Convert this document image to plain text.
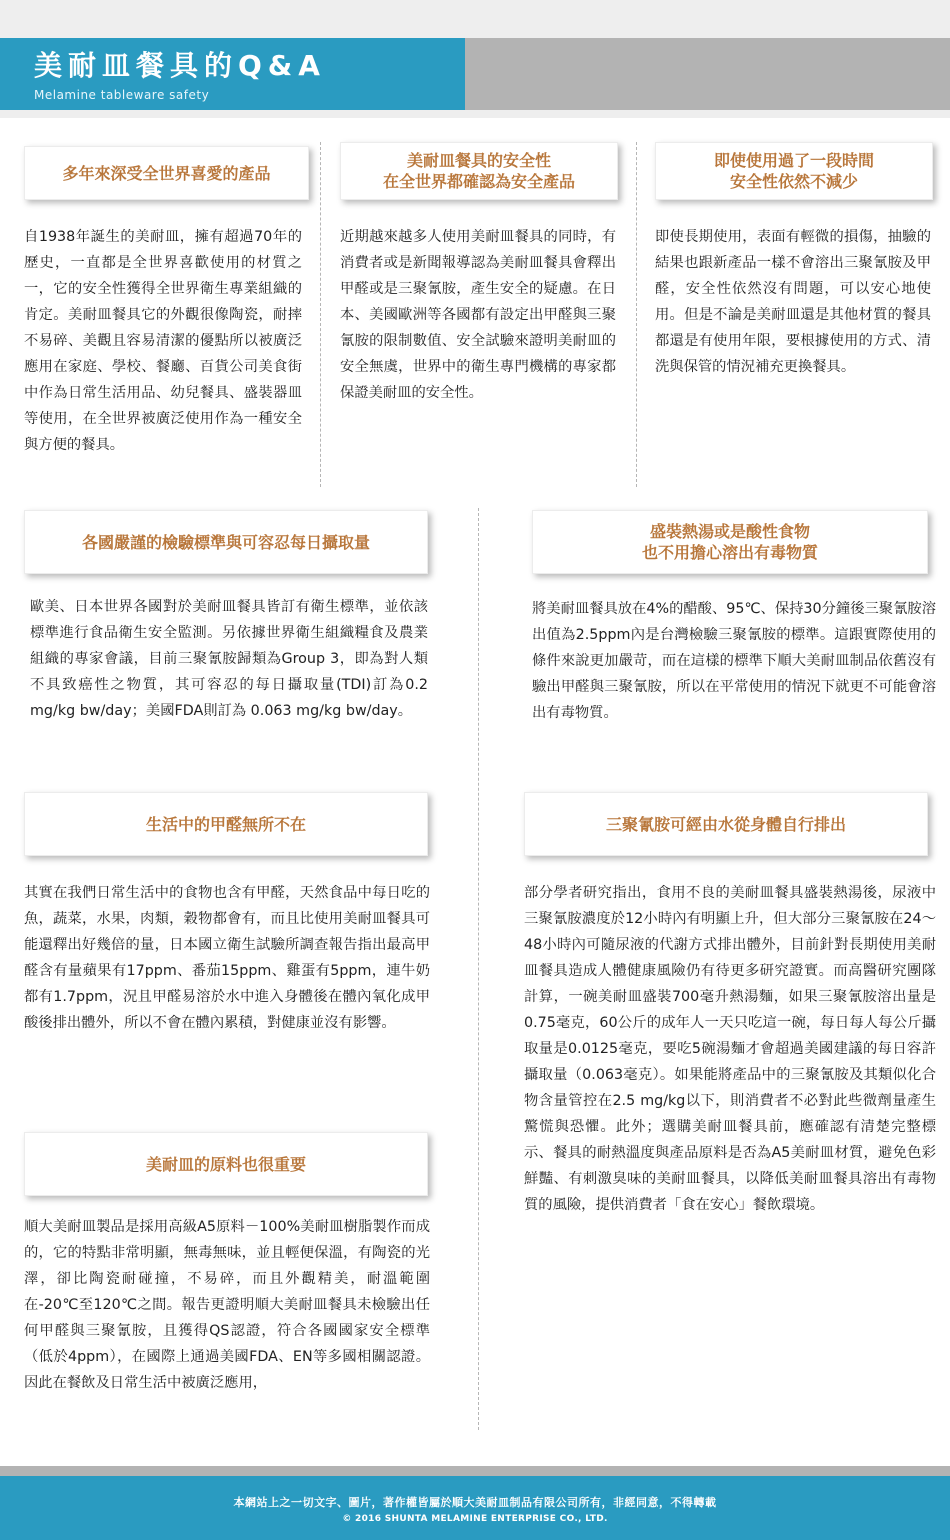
美耐皿餐具的Q&A
Melamine tableware safety
多年來深受全世界喜愛的產品
自1938年誕生的美耐皿，擁有超過70年的歷史，一直都是全世界喜歡使用的材質之一，它的安全性獲得全世界衛生專業組織的肯定。美耐皿餐具它的外觀很像陶瓷，耐摔不易碎、美觀且容易清潔的優點所以被廣泛應用在家庭、學校、餐廳、百貨公司美食街中作為日常生活用品、幼兒餐具、盛裝器皿等使用，在全世界被廣泛使用作為一種安全與方便的餐具。
美耐皿餐具的安全性
在全世界都確認為安全產品
近期越來越多人使用美耐皿餐具的同時，有消費者或是新聞報導認為美耐皿餐具會釋出甲醛或是三聚氰胺，產生安全的疑慮。在日本、美國歐洲等各國都有設定出甲醛與三聚氰胺的限制數值、安全試驗來證明美耐皿的安全無虞，世界中的衛生專門機構的專家都保證美耐皿的安全性。
即使使用過了一段時間
安全性依然不減少
即使長期使用，表面有輕微的損傷，抽驗的結果也跟新產品一樣不會溶出三聚氰胺及甲醛，安全性依然沒有問題，可以安心地使用。但是不論是美耐皿還是其他材質的餐具都還是有使用年限，要根據使用的方式、清洗與保管的情況補充更換餐具。
各國嚴謹的檢驗標準與可容忍每日攝取量
歐美、日本世界各國對於美耐皿餐具皆訂有衛生標準，並依該標準進行食品衛生安全監測。另依據世界衛生組織糧食及農業組織的專家會議，目前三聚氰胺歸類為Group 3，即為對人類不具致癌性之物質，其可容忍的每日攝取量(TDI)訂為0.2 mg/kg bw/day；美國FDA則訂為 0.063 mg/kg bw/day。
盛裝熱湯或是酸性食物
也不用擔心溶出有毒物質
將美耐皿餐具放在4%的醋酸、95℃、保持30分鐘後三聚氰胺溶出值為2.5ppm內是台灣檢驗三聚氰胺的標準。這跟實際使用的條件來說更加嚴苛，而在這樣的標準下順大美耐皿制品依舊沒有驗出甲醛與三聚氰胺，所以在平常使用的情況下就更不可能會溶出有毒物質。
生活中的甲醛無所不在
其實在我們日常生活中的食物也含有甲醛，天然食品中每日吃的魚，蔬菜，水果，肉類，穀物都會有，而且比使用美耐皿餐具可能還釋出好幾倍的量，日本國立衛生試驗所調查報告指出最高甲醛含有量蘋果有17ppm、番茄15ppm、雞蛋有5ppm，連牛奶都有1.7ppm，況且甲醛易溶於水中進入身體後在體內氧化成甲酸後排出體外，所以不會在體內累積，對健康並沒有影響。
三聚氰胺可經由水從身體自行排出
部分學者研究指出，食用不良的美耐皿餐具盛裝熱湯後，尿液中三聚氰胺濃度於12小時內有明顯上升，但大部分三聚氰胺在24～48小時內可隨尿液的代謝方式排出體外，目前針對長期使用美耐皿餐具造成人體健康風險仍有待更多研究證實。而高醫研究團隊計算，一碗美耐皿盛裝700毫升熱湯麵，如果三聚氰胺溶出量是0.75毫克，60公斤的成年人一天只吃這一碗，每日每人每公斤攝取量是0.0125毫克，要吃5碗湯麵才會超過美國建議的每日容許攝取量（0.063毫克）。如果能將產品中的三聚氰胺及其類似化合物含量管控在2.5 mg/kg以下，則消費者不必對此些微劑量產生驚慌與恐懼。此外；選購美耐皿餐具前，應確認有清楚完整標示、餐具的耐熱溫度與產品原料是否為A5美耐皿材質，避免色彩鮮豔、有刺激臭味的美耐皿餐具，以降低美耐皿餐具溶出有毒物質的風險，提供消費者「食在安心」餐飲環境。
美耐皿的原料也很重要
順大美耐皿製品是採用高級A5原料－100%美耐皿樹脂製作而成的，它的特點非常明顯，無毒無味，並且輕便保溫，有陶瓷的光澤，卻比陶瓷耐碰撞，不易碎，而且外觀精美，耐溫範圍在-20℃至120℃之間。報告更證明順大美耐皿餐具未檢驗出任何甲醛與三聚氰胺，且獲得QS認證，符合各國國家安全標準（低於4ppm），在國際上通過美國FDA、EN等多國相關認證。因此在餐飲及日常生活中被廣泛應用，
本網站上之一切文字、圖片，著作權皆屬於順大美耐皿制品有限公司所有，非經同意，不得轉載
© 2016 SHUNTA MELAMINE ENTERPRISE CO., LTD.
